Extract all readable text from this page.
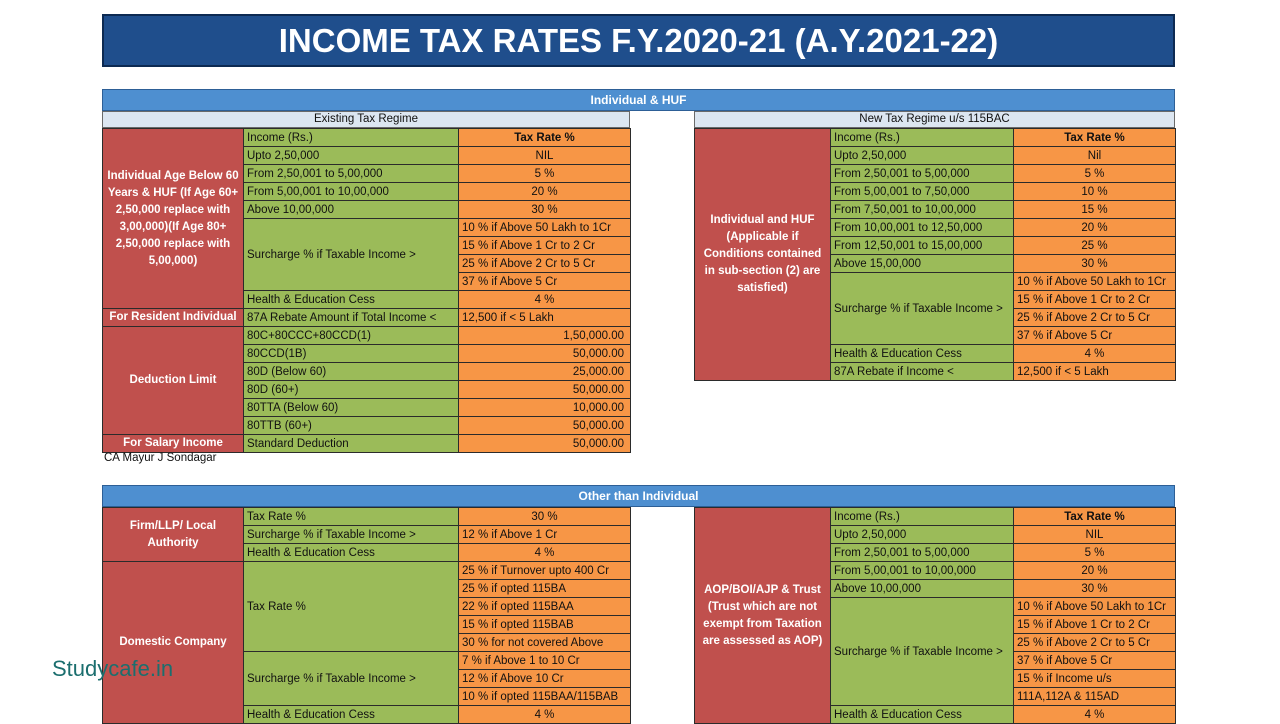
INCOME TAX RATES F.Y.2020-21 (A.Y.2021-22)
Individual & HUF
Existing Tax Regime
Individual Age Below 60 Years & HUF (If Age 60+ 2,50,000 replace with 3,00,000)(If Age 80+ 2,50,000 replace with 5,00,000)	Income (Rs.)	Tax Rate %
	Upto 2,50,000	NIL
	From 2,50,001 to 5,00,000	5 %
	From 5,00,001 to 10,00,000	20 %
	Above 10,00,000	30 %
	Surcharge % if Taxable Income >	10 % if Above 50 Lakh to 1Cr
		15 % if Above 1 Cr to 2 Cr
		25 % if Above 2 Cr to 5 Cr
		37 % if Above 5 Cr
	Health & Education Cess	4 %
For Resident Individual	87A Rebate Amount if Total Income <	12,500 if < 5 Lakh
Deduction Limit	80C+80CCC+80CCD(1)	1,50,000.00
	80CCD(1B)	50,000.00
	80D (Below 60)	25,000.00
	80D (60+)	50,000.00
	80TTA (Below 60)	10,000.00
	80TTB (60+)	50,000.00
For Salary Income	Standard Deduction	50,000.00
New Tax Regime u/s 115BAC
Individual and HUF (Applicable if Conditions contained in sub-section (2) are satisfied)	Income (Rs.)	Tax Rate %
	Upto 2,50,000	Nil
	From 2,50,001 to 5,00,000	5 %
	From 5,00,001 to 7,50,000	10 %
	From 7,50,001 to 10,00,000	15 %
	From 10,00,001 to 12,50,000	20 %
	From 12,50,001 to 15,00,000	25 %
	Above 15,00,000	30 %
	Surcharge % if Taxable Income >	10 % if Above 50 Lakh to 1Cr
		15 % if Above 1 Cr to 2 Cr
		25 % if Above 2 Cr to 5 Cr
		37 % if Above 5 Cr
	Health & Education Cess	4 %
	87A Rebate if Income <	12,500 if < 5 Lakh
CA Mayur J Sondagar
Other than Individual
Firm/LLP/ Local Authority	Tax Rate %	30 %
	Surcharge % if Taxable Income >	12 % if Above 1 Cr
	Health & Education Cess	4 %
Domestic Company	Tax Rate %	25 % if Turnover upto 400 Cr
		25 % if opted 115BA
		22 % if opted 115BAA
		15 % if opted 115BAB
		30 % for not covered Above
	Surcharge % if Taxable Income >	7 % if Above 1 to 10 Cr
		12 % if Above 10 Cr
		10 % if opted 115BAA/115BAB
	Health & Education Cess	4 %
AOP/BOI/AJP & Trust (Trust which are not exempt from Taxation are assessed as AOP)	Income (Rs.)	Tax Rate %
	Upto 2,50,000	NIL
	From 2,50,001 to 5,00,000	5 %
	From 5,00,001 to 10,00,000	20 %
	Above 10,00,000	30 %
	Surcharge % if Taxable Income >	10 % if Above 50 Lakh to 1Cr
		15 % if Above 1 Cr to 2 Cr
		25 % if Above 2 Cr to 5 Cr
		37 % if Above 5 Cr
		15 % if Income u/s
		111A,112A & 115AD
	Health & Education Cess	4 %
Studycafe.in
